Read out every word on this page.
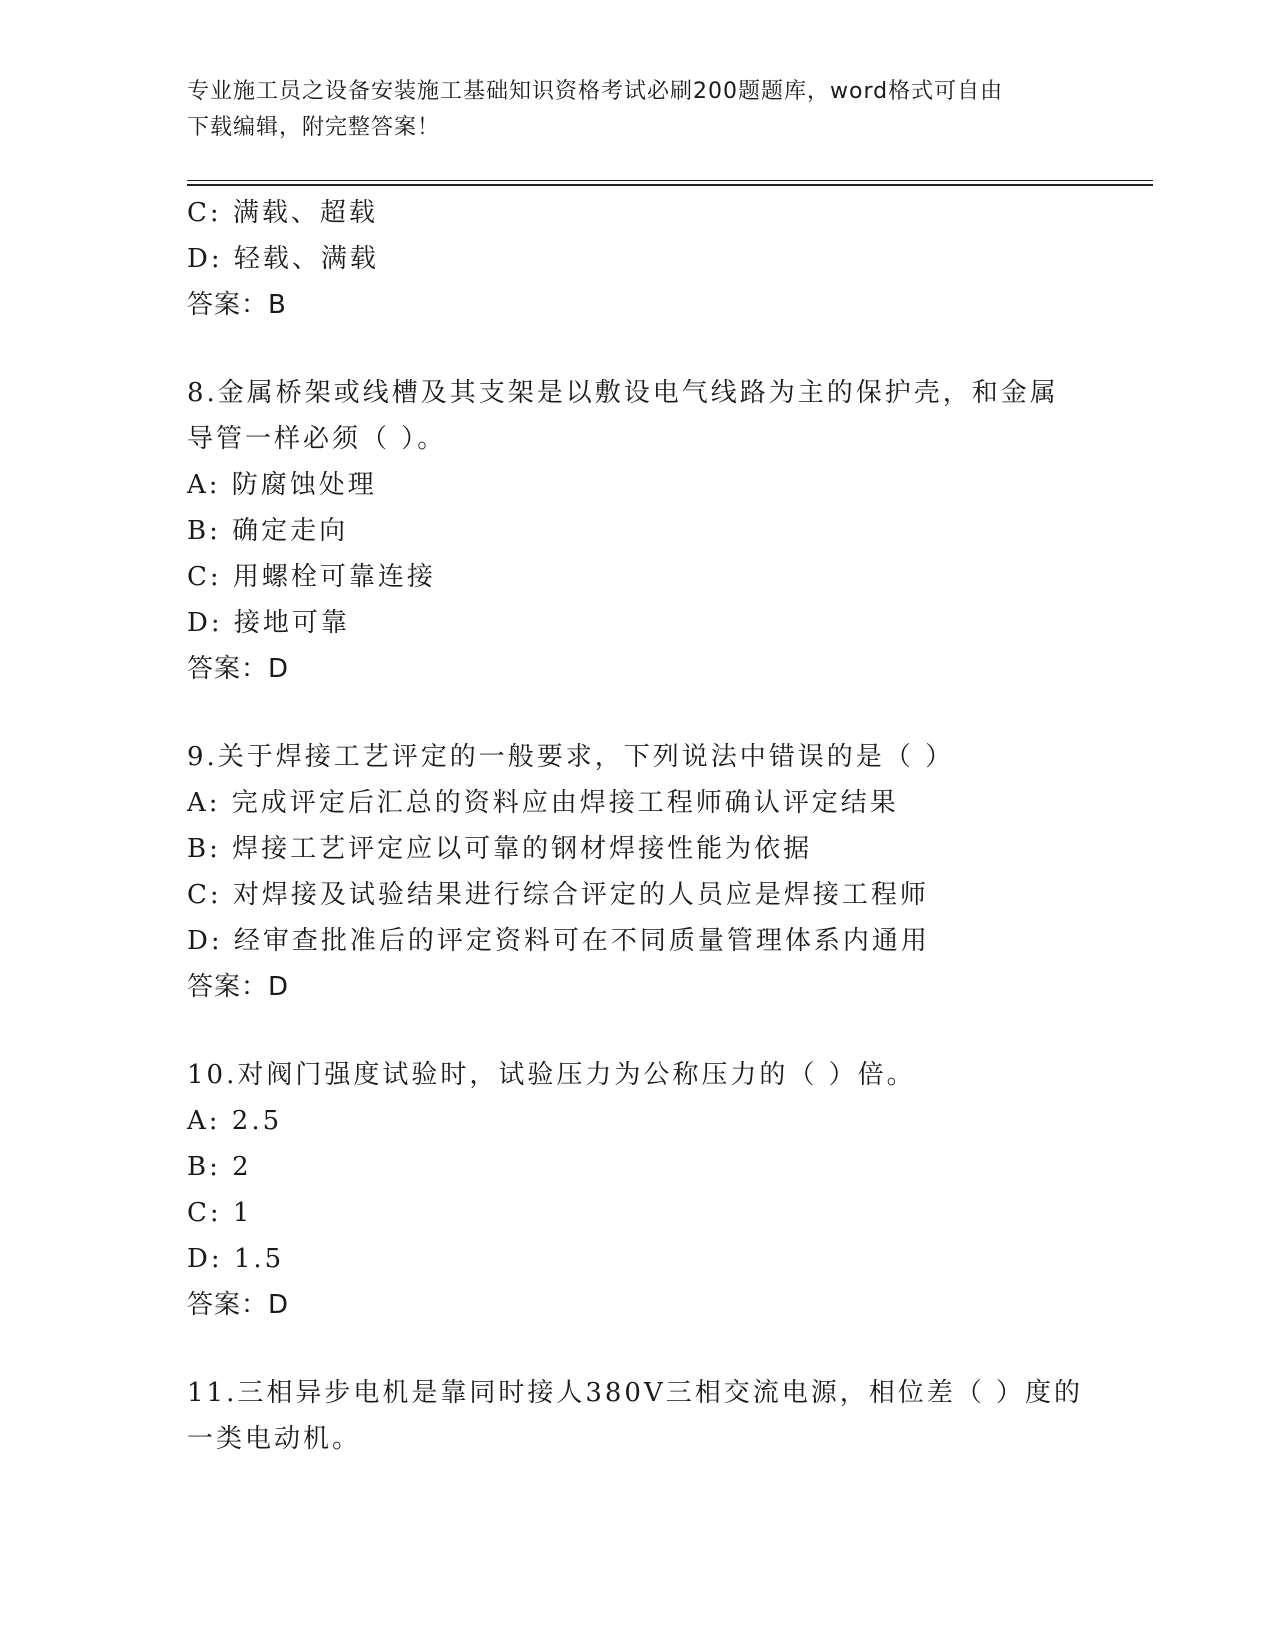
专业施工员之设备安装施工基础知识资格考试必刷200题题库，word格式可自由
下载编辑，附完整答案！
C: 满载、超载
D: 轻载、满载
答案：B
8.金属桥架或线槽及其支架是以敷设电气线路为主的保护壳，和金属
导管一样必须（ ）。
A: 防腐蚀处理
B: 确定走向
C: 用螺栓可靠连接
D: 接地可靠
答案：D
9.关于焊接工艺评定的一般要求，下列说法中错误的是（ ）
A: 完成评定后汇总的资料应由焊接工程师确认评定结果
B: 焊接工艺评定应以可靠的钢材焊接性能为依据
C: 对焊接及试验结果进行综合评定的人员应是焊接工程师
D: 经审查批准后的评定资料可在不同质量管理体系内通用
答案：D
10.对阀门强度试验时，试验压力为公称压力的（ ）倍。
A: 2.5
B: 2
C: 1
D: 1.5
答案：D
11.三相异步电机是靠同时接人380V三相交流电源，相位差（ ）度的
一类电动机。
